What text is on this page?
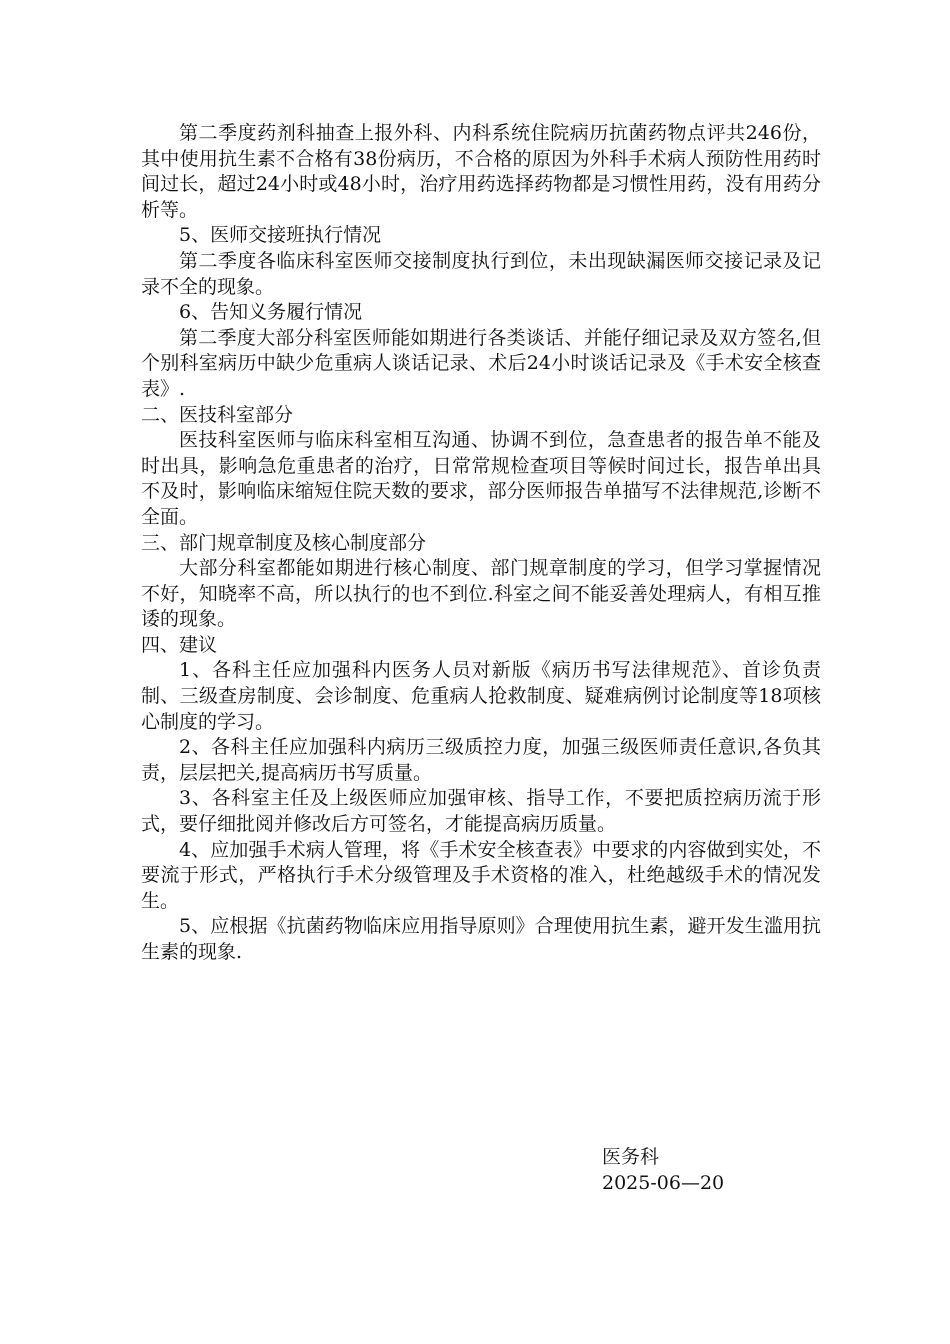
第二季度药剂科抽查上报外科、内科系统住院病历抗菌药物点评共246份，其中使用抗生素不合格有38份病历，不合格的原因为外科手术病人预防性用药时间过长，超过24小时或48小时，治疗用药选择药物都是习惯性用药，没有用药分析等。

5、医师交接班执行情况

第二季度各临床科室医师交接制度执行到位，未出现缺漏医师交接记录及记录不全的现象。

6、告知义务履行情况

第二季度大部分科室医师能如期进行各类谈话、并能仔细记录及双方签名,但个别科室病历中缺少危重病人谈话记录、术后24小时谈话记录及《手术安全核查表》.

二、医技科室部分

医技科室医师与临床科室相互沟通、协调不到位，急查患者的报告单不能及时出具，影响急危重患者的治疗，日常常规检查项目等候时间过长，报告单出具不及时，影响临床缩短住院天数的要求，部分医师报告单描写不法律规范,诊断不全面。

三、部门规章制度及核心制度部分

大部分科室都能如期进行核心制度、部门规章制度的学习，但学习掌握情况不好，知晓率不高，所以执行的也不到位.科室之间不能妥善处理病人，有相互推诿的现象。

四、建议

1、各科主任应加强科内医务人员对新版《病历书写法律规范》、首诊负责制、三级查房制度、会诊制度、危重病人抢救制度、疑难病例讨论制度等18项核心制度的学习。

2、各科主任应加强科内病历三级质控力度，加强三级医师责任意识,各负其责，层层把关,提高病历书写质量。

3、各科室主任及上级医师应加强审核、指导工作，不要把质控病历流于形式，要仔细批阅并修改后方可签名，才能提高病历质量。

4、应加强手术病人管理，将《手术安全核查表》中要求的内容做到实处，不要流于形式，严格执行手术分级管理及手术资格的准入，杜绝越级手术的情况发生。

5、应根据《抗菌药物临床应用指导原则》合理使用抗生素，避开发生滥用抗生素的现象.

医务科
2025-06—20
